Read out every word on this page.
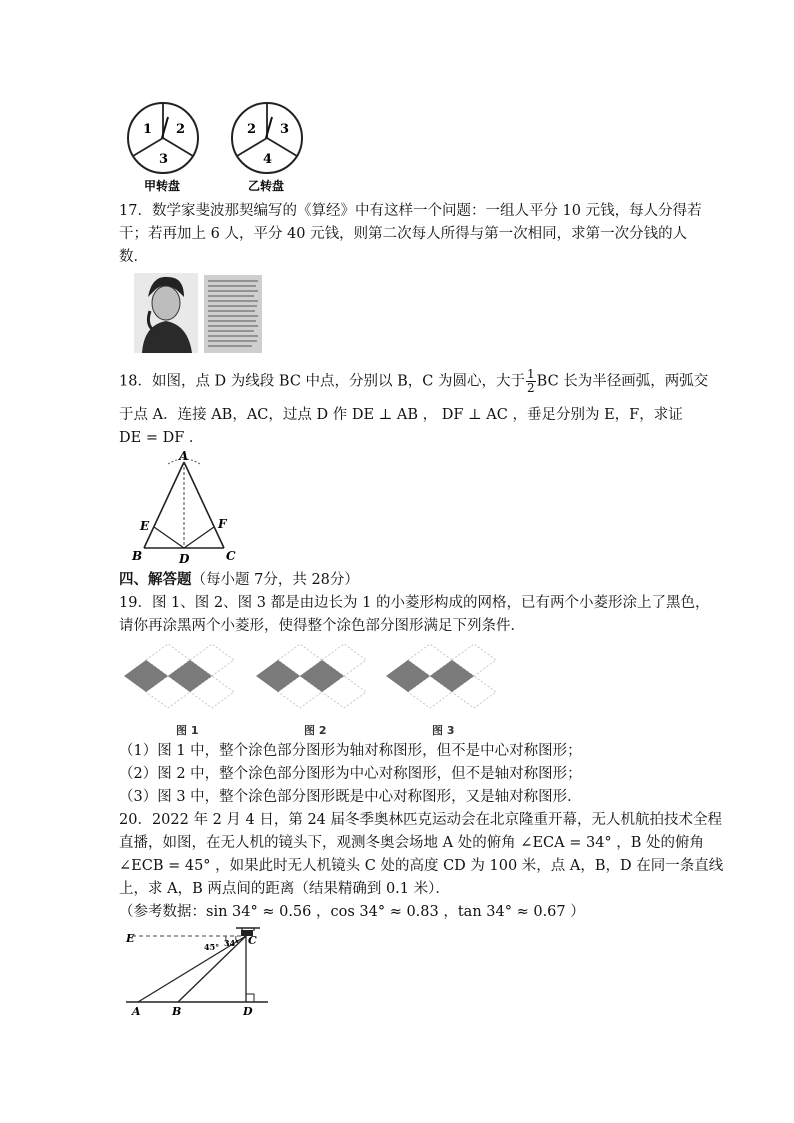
1 2
3
2 3
4
甲转盘	乙转盘
17．数学家斐波那契编写的《算经》中有这样一个问题：一组人平分 10 元钱，每人分得若
干；若再加上 6 人，平分 40 元钱，则第二次每人所得与第一次相同，求第一次分钱的人
数．
18．如图，点 D 为线段 BC 中点，分别以 B，C 为圆心，大于 $\frac{1}{2}$ BC 长为半径画弧，两弧交
于点 A．连接 AB，AC，过点 D 作 DE ⊥ AB ， DF ⊥ AC ，垂足分别为 E，F，求证
DE = DF ．
A
E	F
B	D	C
四、解答题（每小题 7分，共 28分）
19．图 1、图 2、图 3 都是由边长为 1 的小菱形构成的网格，已有两个小菱形涂上了黑色，
请你再涂黑两个小菱形，使得整个涂色部分图形满足下列条件．
图 1	图 2	图 3
（1）图 1 中，整个涂色部分图形为轴对称图形，但不是中心对称图形；
（2）图 2 中，整个涂色部分图形为中心对称图形，但不是轴对称图形；
（3）图 3 中，整个涂色部分图形既是中心对称图形，又是轴对称图形．
20．2022 年 2 月 4 日，第 24 届冬季奥林匹克运动会在北京隆重开幕，无人机航拍技术全程
直播，如图，在无人机的镜头下，观测冬奥会场地 A 处的俯角 ∠ECA = 34° ，B 处的俯角
∠ECB = 45° ，如果此时无人机镜头 C 处的高度 CD 为 100 米，点 A，B，D 在同一条直线
上，求 A，B 两点间的距离（结果精确到 0.1 米）．
（参考数据：sin 34° ≈ 0.56 ，cos 34° ≈ 0.83 ，tan 34° ≈ 0.67 ）
E	C
45° 34°
A	B	D
